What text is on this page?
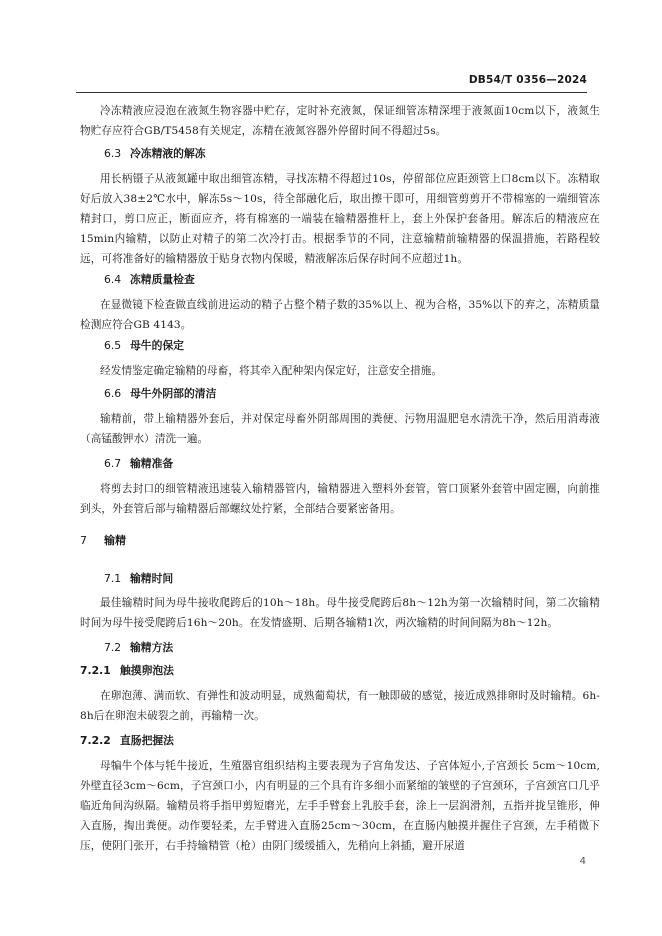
DB54/T 0356—2024
冷冻精液应浸泡在液氮生物容器中贮存，定时补充液氮，保证细管冻精深埋于液氮面10cm以下，液氮生物贮存应符合GB/T5458有关规定，冻精在液氮容器外停留时间不得超过5s。
6.3 冷冻精液的解冻
用长柄镊子从液氮罐中取出细管冻精，寻找冻精不得超过10s，停留部位应距颈管上口8cm以下。冻精取好后放入38±2℃水中，解冻5s～10s，待全部融化后，取出擦干即可，用细管剪剪开不带棉塞的一端细管冻精封口，剪口应正，断面应齐，将有棉塞的一端装在输精器推杆上，套上外保护套备用。解冻后的精液应在15min内输精，以防止对精子的第二次冷打击。根据季节的不同，注意输精前输精器的保温措施，若路程较远，可将准备好的输精器放于贴身衣物内保暖，精液解冻后保存时间不应超过1h。
6.4 冻精质量检查
在显微镜下检查做直线前进运动的精子占整个精子数的35%以上、视为合格，35%以下的弃之，冻精质量检测应符合GB 4143。
6.5 母牛的保定
经发情鉴定确定输精的母畜，将其牵入配种架内保定好，注意安全措施。
6.6 母牛外阴部的清洁
输精前，带上输精器外套后，并对保定母畜外阴部周围的粪便、污物用温肥皂水清洗干净，然后用消毒液（高锰酸钾水）清洗一遍。
6.7 输精准备
将剪去封口的细管精液迅速装入输精器管内，输精器进入塑料外套管，管口顶紧外套管中固定圈，向前推到头，外套管后部与输精器后部螺纹处拧紧，全部结合要紧密备用。
7 输精
7.1 输精时间
最佳输精时间为母牛接收爬跨后的10h～18h。母牛接受爬跨后8h～12h为第一次输精时间，第二次输精时间为母牛接受爬跨后16h～20h。在发情盛期、后期各输精1次，两次输精的时间间隔为8h～12h。
7.2 输精方法
7.2.1 触摸卵泡法
在卵泡薄、满而软、有弹性和波动明显，成熟葡萄状，有一触即破的感觉，接近成熟排卵时及时输精。6h-8h后在卵泡未破裂之前，再输精一次。
7.2.2 直肠把握法
母犏牛个体与牦牛接近，生殖器官组织结构主要表现为子宫角发达、子宫体短小,子宫颈长 5cm～10cm,外壁直径3cm～6cm，子宫颈口小，内有明显的三个具有许多细小而紧缩的皱壁的子宫颈环，子宫颈宫口几乎临近角间沟纵隔。输精员将手指甲剪短磨光，左手手臂套上乳胶手套，涂上一层润滑剂，五指并拢呈锥形，伸入直肠，掏出粪便。动作要轻柔，左手臂进入直肠25cm～30cm，在直肠内触摸并握住子宫颈，左手稍微下压，使阴门张开，右手持输精管（枪）由阴门缓缓插入，先稍向上斜插，避开尿道
4
